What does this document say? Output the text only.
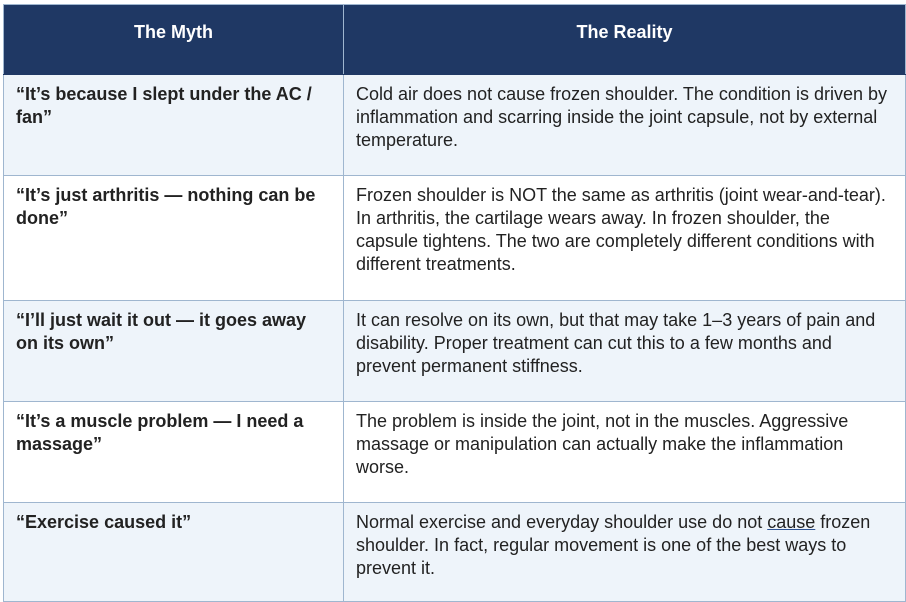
The Myth	The Reality
“It’s because I slept under the AC / fan”	Cold air does not cause frozen shoulder. The condition is driven by inflammation and scarring inside the joint capsule, not by external temperature.
“It’s just arthritis — nothing can be done”	Frozen shoulder is NOT the same as arthritis (joint wear-and-tear). In arthritis, the cartilage wears away. In frozen shoulder, the capsule tightens. The two are completely different conditions with different treatments.
“I’ll just wait it out — it goes away on its own”	It can resolve on its own, but that may take 1–3 years of pain and disability. Proper treatment can cut this to a few months and prevent permanent stiffness.
“It’s a muscle problem — I need a massage”	The problem is inside the joint, not in the muscles. Aggressive massage or manipulation can actually make the inflammation worse.
“Exercise caused it”	Normal exercise and everyday shoulder use do not cause frozen shoulder. In fact, regular movement is one of the best ways to prevent it.
